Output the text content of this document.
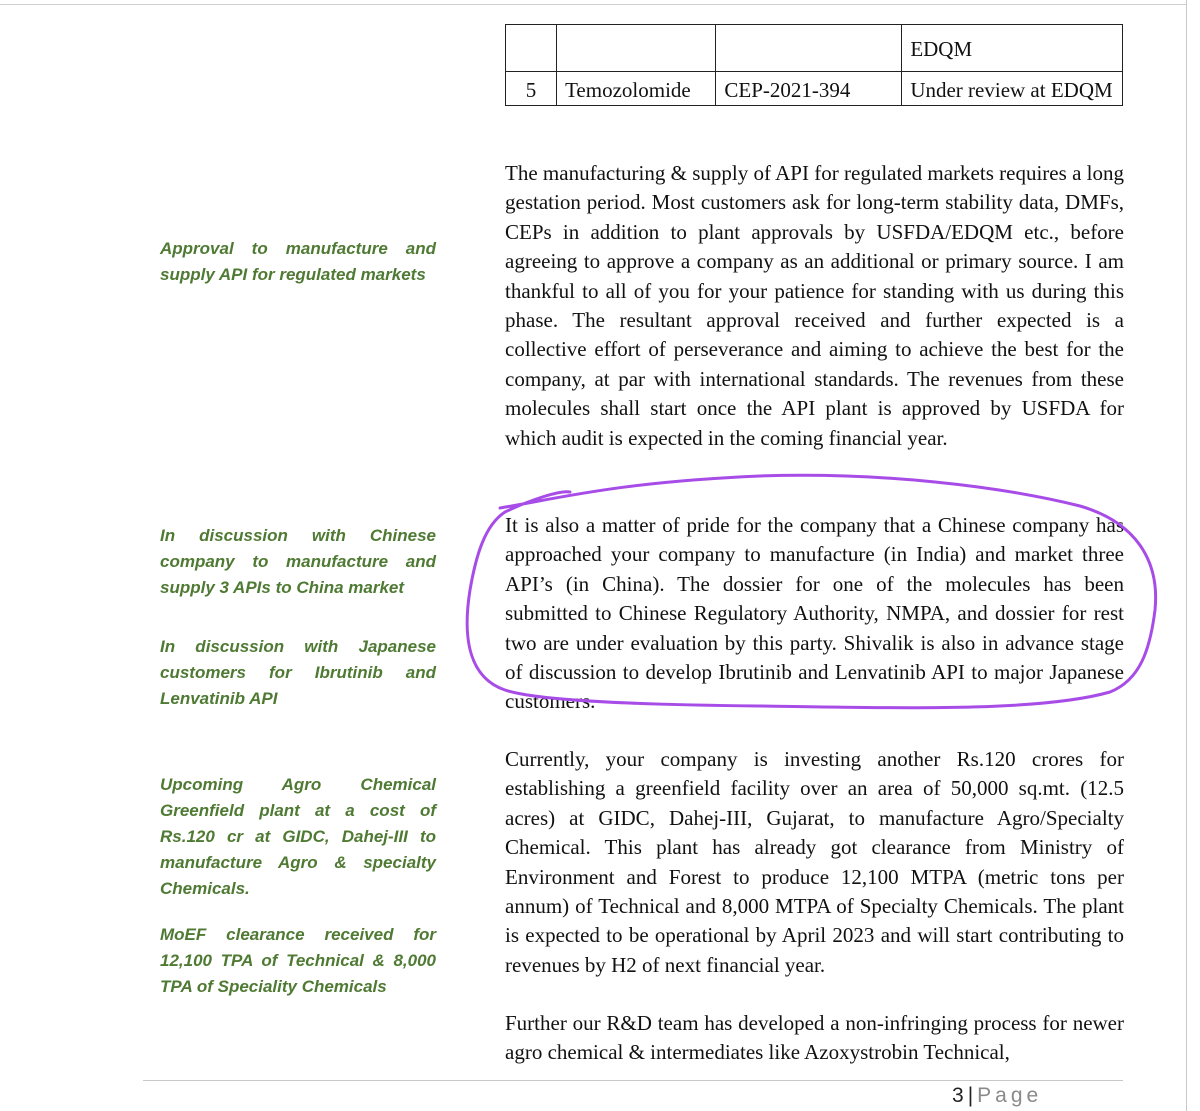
			EDQM
5	Temozolomide	CEP-2021-394	Under review at EDQM
Approval to manufacture and supply API for regulated markets
In discussion with Chinese company to manufacture and supply 3 APIs to China market
In discussion with Japanese customers for Ibrutinib and Lenvatinib API
Upcoming Agro Chemical Greenfield plant at a cost of Rs.120 cr at GIDC, Dahej-III to manufacture Agro & specialty Chemicals.
MoEF clearance received for 12,100 TPA of Technical & 8,000 TPA of Speciality Chemicals
The manufacturing & supply of API for regulated markets requires a long gestation period. Most customers ask for long-term stability data, DMFs, CEPs in addition to plant approvals by USFDA/EDQM etc., before agreeing to approve a company as an additional or primary source. I am thankful to all of you for your patience for standing with us during this phase. The resultant approval received and further expected is a collective effort of perseverance and aiming to achieve the best for the company, at par with international standards. The revenues from these molecules shall start once the API plant is approved by USFDA for which audit is expected in the coming financial year.
It is also a matter of pride for the company that a Chinese company has approached your company to manufacture (in India) and market three API’s (in China). The dossier for one of the molecules has been submitted to Chinese Regulatory Authority, NMPA, and dossier for rest two are under evaluation by this party. Shivalik is also in advance stage of discussion to develop Ibrutinib and Lenvatinib API to major Japanese customers.
Currently, your company is investing another Rs.120 crores for establishing a greenfield facility over an area of 50,000 sq.mt. (12.5 acres) at GIDC, Dahej-III, Gujarat, to manufacture Agro/Specialty Chemical. This plant has already got clearance from Ministry of Environment and Forest to produce 12,100 MTPA (metric tons per annum) of Technical and 8,000 MTPA of Specialty Chemicals. The plant is expected to be operational by April 2023 and will start contributing to revenues by H2 of next financial year.
Further our R&D team has developed a non-infringing process for newer agro chemical & intermediates like Azoxystrobin Technical,
3 | Page
